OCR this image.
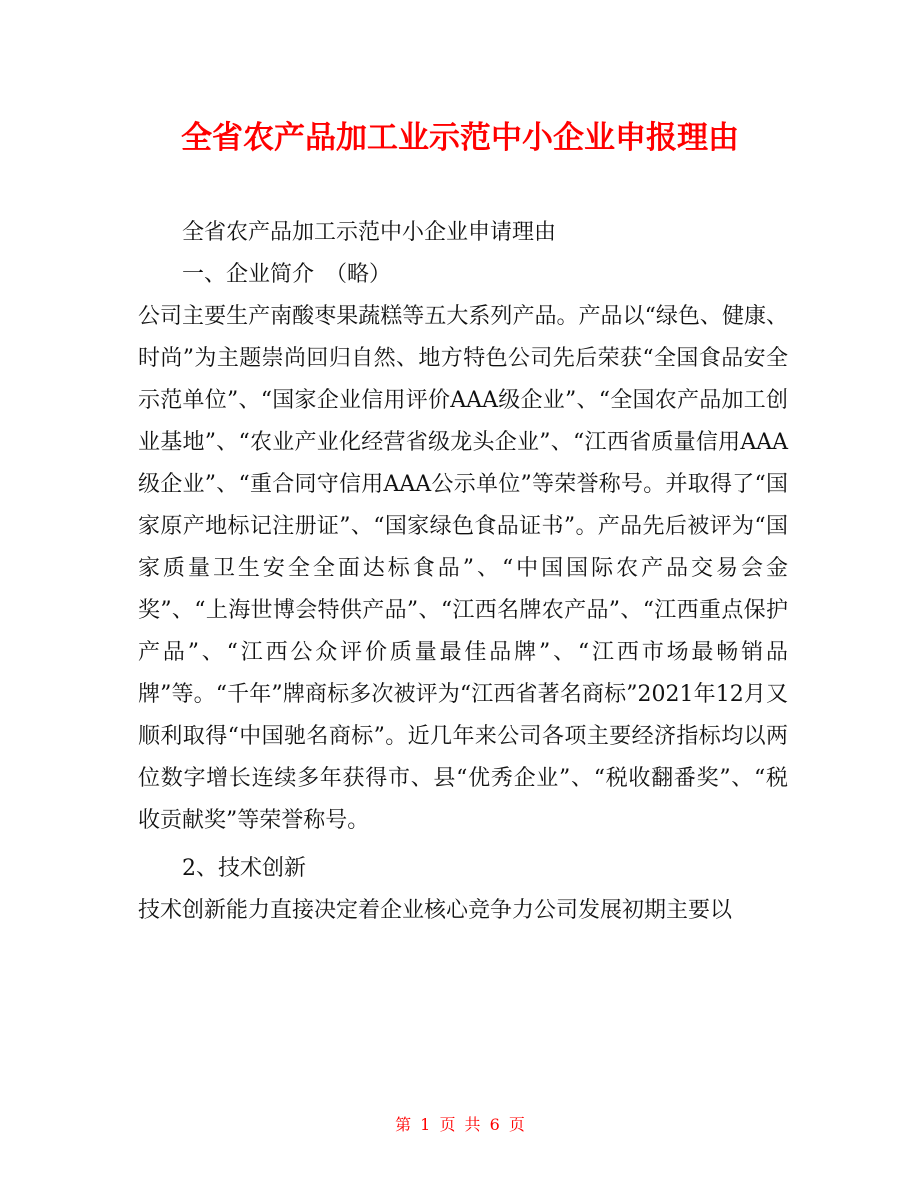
全省农产品加工业示范中小企业申报理由

全省农产品加工示范中小企业申请理由

一、企业简介　（略）

公司主要生产南酸枣果蔬糕等五大系列产品。产品以“绿色、健康、时尚”为主题崇尚回归自然、地方特色公司先后荣获“全国食品安全示范单位”、“国家企业信用评价AAA级企业”、“全国农产品加工创业基地”、“农业产业化经营省级龙头企业”、“江西省质量信用AAA级企业”、“重合同守信用AAA公示单位”等荣誉称号。并取得了“国家原产地标记注册证”、“国家绿色食品证书”。产品先后被评为“国家质量卫生安全全面达标食品”、“中国国际农产品交易会金奖”、“上海世博会特供产品”、“江西名牌农产品”、“江西重点保护产品”、“江西公众评价质量最佳品牌”、“江西市场最畅销品牌”等。“千年”牌商标多次被评为“江西省著名商标”2021年12月又顺利取得“中国驰名商标”。近几年来公司各项主要经济指标均以两位数字增长连续多年获得市、县“优秀企业”、“税收翻番奖”、“税收贡献奖”等荣誉称号。

2、技术创新

技术创新能力直接决定着企业核心竞争力公司发展初期主要以

第 1 页 共 6 页
